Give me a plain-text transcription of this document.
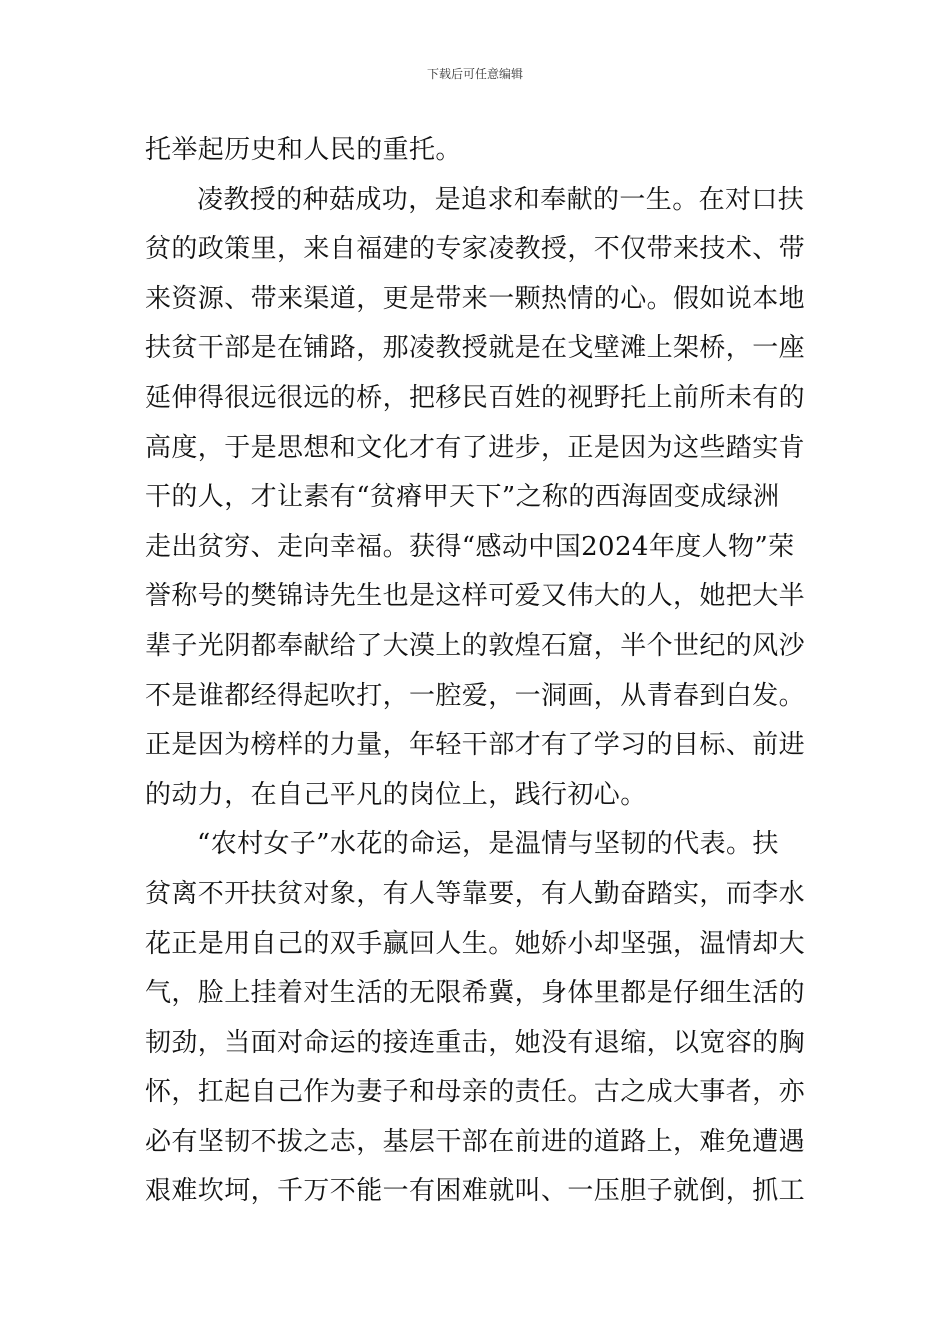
下载后可任意编辑
托举起历史和人民的重托。
凌教授的种菇成功，是追求和奉献的一生。在对口扶
贫的政策里，来自福建的专家凌教授，不仅带来技术、带
来资源、带来渠道，更是带来一颗热情的心。假如说本地
扶贫干部是在铺路，那凌教授就是在戈壁滩上架桥，一座
延伸得很远很远的桥，把移民百姓的视野托上前所未有的
高度，于是思想和文化才有了进步，正是因为这些踏实肯
干的人，才让素有“贫瘠甲天下”之称的西海固变成绿洲
走出贫穷、走向幸福。获得“感动中国2024年度人物”荣
誉称号的樊锦诗先生也是这样可爱又伟大的人，她把大半
辈子光阴都奉献给了大漠上的敦煌石窟，半个世纪的风沙
不是谁都经得起吹打，一腔爱，一洞画，从青春到白发。
正是因为榜样的力量，年轻干部才有了学习的目标、前进
的动力，在自己平凡的岗位上，践行初心。
“农村女子”水花的命运，是温情与坚韧的代表。扶
贫离不开扶贫对象，有人等靠要，有人勤奋踏实，而李水
花正是用自己的双手赢回人生。她娇小却坚强，温情却大
气，脸上挂着对生活的无限希冀，身体里都是仔细生活的
韧劲，当面对命运的接连重击，她没有退缩，以宽容的胸
怀，扛起自己作为妻子和母亲的责任。古之成大事者，亦
必有坚韧不拔之志，基层干部在前进的道路上，难免遭遇
艰难坎坷，千万不能一有困难就叫、一压胆子就倒，抓工
